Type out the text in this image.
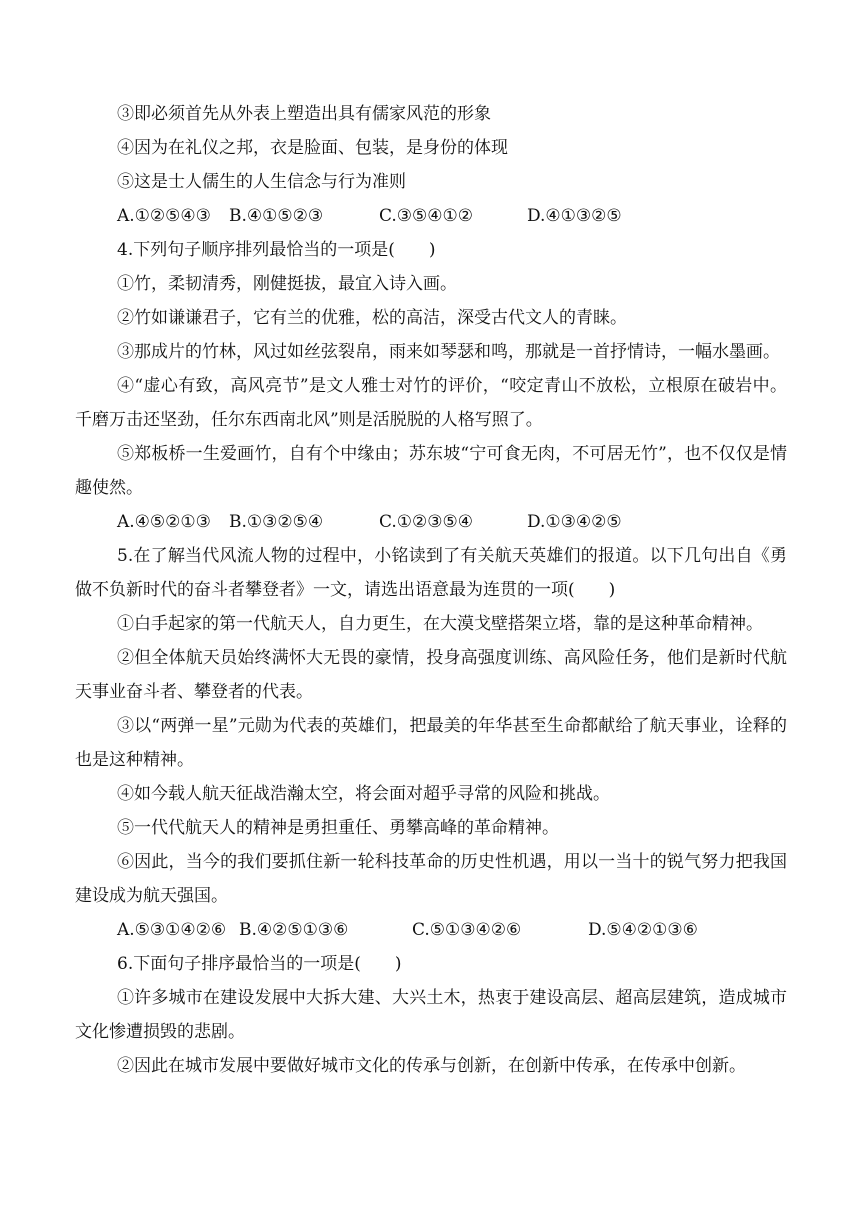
③即必须首先从外表上塑造出具有儒家风范的形象

④因为在礼仪之邦，衣是脸面、包装，是身份的体现

⑤这是士人儒生的人生信念与行为准则

A.①②⑤④③	B.④①⑤②③	C.③⑤④①②	D.④①③②⑤

4.下列句子顺序排列最恰当的一项是( )

①竹，柔韧清秀，刚健挺拔，最宜入诗入画。

②竹如谦谦君子，它有兰的优雅，松的高洁，深受古代文人的青睐。

③那成片的竹林，风过如丝弦裂帛，雨来如琴瑟和鸣，那就是一首抒情诗，一幅水墨画。

④“虚心有致，高风亮节”是文人雅士对竹的评价，“咬定青山不放松，立根原在破岩中。千磨万击还坚劲，任尔东西南北风”则是活脱脱的人格写照了。

⑤郑板桥一生爱画竹，自有个中缘由；苏东坡“宁可食无肉，不可居无竹”，也不仅仅是情趣使然。

A.④⑤②①③	B.①③②⑤④	C.①②③⑤④	D.①③④②⑤

5.在了解当代风流人物的过程中，小铭读到了有关航天英雄们的报道。以下几句出自《勇做不负新时代的奋斗者攀登者》一文，请选出语意最为连贯的一项( )

①白手起家的第一代航天人，自力更生，在大漠戈壁搭架立塔，靠的是这种革命精神。

②但全体航天员始终满怀大无畏的豪情，投身高强度训练、高风险任务，他们是新时代航天事业奋斗者、攀登者的代表。

③以“两弹一星”元勋为代表的英雄们，把最美的年华甚至生命都献给了航天事业，诠释的也是这种精神。

④如今载人航天征战浩瀚太空，将会面对超乎寻常的风险和挑战。

⑤一代代航天人的精神是勇担重任、勇攀高峰的革命精神。

⑥因此，当今的我们要抓住新一轮科技革命的历史性机遇，用以一当十的锐气努力把我国建设成为航天强国。

A.⑤③①④②⑥ B.④②⑤①③⑥	C.⑤①③④②⑥	D.⑤④②①③⑥

6.下面句子排序最恰当的一项是( )

①许多城市在建设发展中大拆大建、大兴土木，热衷于建设高层、超高层建筑，造成城市文化惨遭损毁的悲剧。

②因此在城市发展中要做好城市文化的传承与创新，在创新中传承，在传承中创新。
